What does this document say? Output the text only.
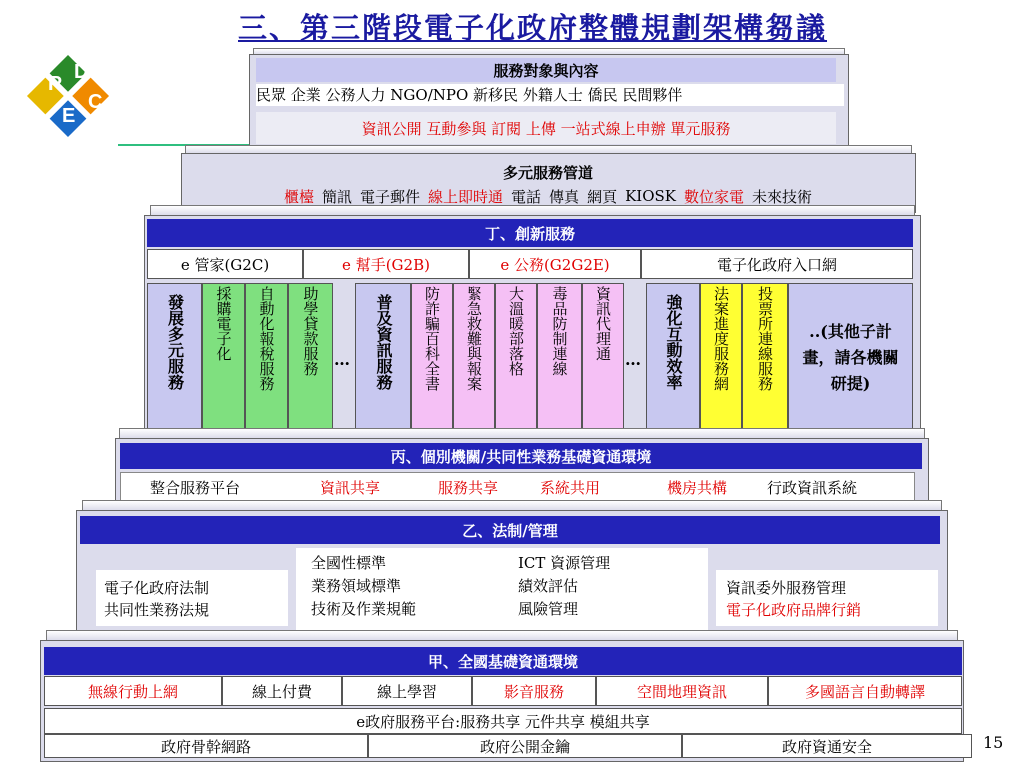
三、第三階段電子化政府整體規劃架構芻議
R
D
E
C
服務對象與內容
民眾 企業 公務人力 NGO/NPO 新移民 外籍人士 僑民 民間夥伴
資訊公開 互動參與 訂閱 上傳 一站式線上申辦 單元服務
多元服務管道
櫃檯 簡訊 電子郵件 線上即時通 電話 傳真 網頁 KIOSK 數位家電 未來技術
丁、創新服務
e 管家(G2C)	e 幫手(G2B)	e 公務(G2G2E)	電子化政府入口網
發展多元服務	採購電子化	自動化報稅服務	助學貸款服務 …	普及資訊服務	防詐騙百科全書	緊急救難與報案	大溫暖部落格	毒品防制連線	資訊代理通 …	強化互動效率	法案進度服務網	投票所連線服務	..(其他子計畫，請各機關研提)
丙、個別機關/共同性業務基礎資通環境
整合服務平台	資訊共享	服務共享	系統共用	機房共構	行政資訊系統
乙、法制/管理
電子化政府法制
共同性業務法規
全國性標準
業務領域標準
技術及作業規範
ICT 資源管理
績效評估
風險管理
資訊委外服務管理
電子化政府品牌行銷
甲、全國基礎資通環境
無線行動上網	線上付費	線上學習	影音服務	空間地理資訊	多國語言自動轉譯
e政府服務平台:服務共享 元件共享 模組共享
政府骨幹網路	政府公開金鑰	政府資通安全	15
